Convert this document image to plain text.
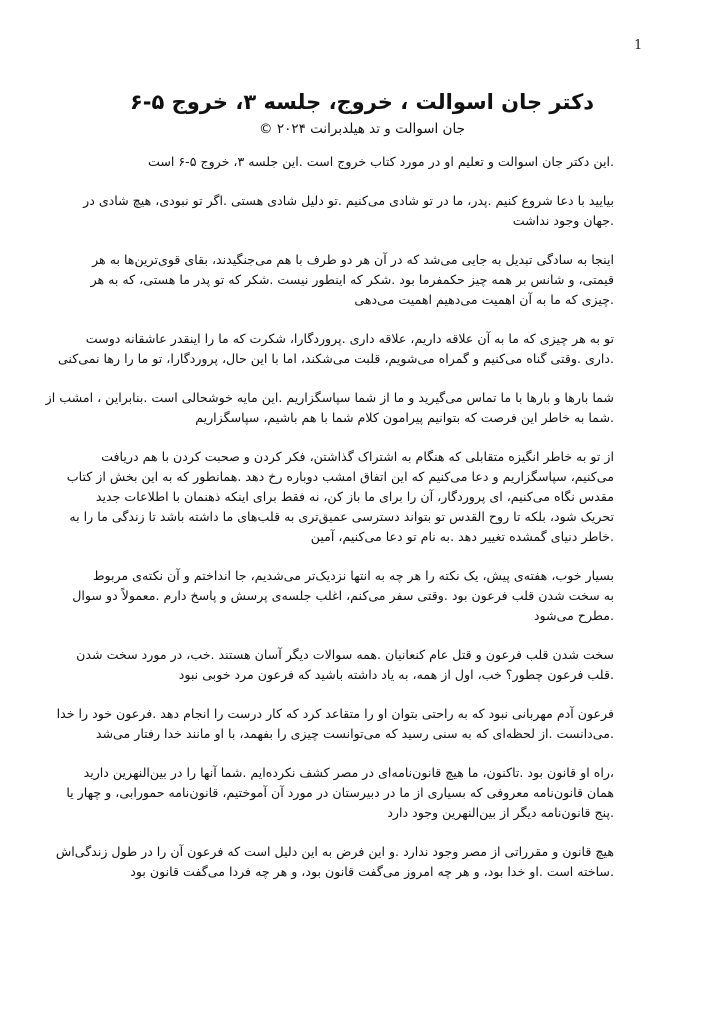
1
دکتر جان اسوالت ، خروج، جلسه ۳، خروج ۵-۶
جان اسوالت و تد هیلدبرانت ۲۰۲۴ ©

.این دکتر جان اسوالت و تعلیم او در مورد کتاب خروج است .این جلسه ۳، خروج ۵-۶ است

بیایید با دعا شروع کنیم .پدر، ما در تو شادی می‌کنیم .تو دلیل شادی هستی .اگر تو نبودی، هیچ شادی در
.جهان وجود نداشت

اینجا به سادگی تبدیل به جایی می‌شد که در آن هر دو طرف با هم می‌جنگیدند، بقای قوی‌ترین‌ها به هر
قیمتی، و شانس بر همه چیز حکمفرما بود .شکر که اینطور نیست .شکر که تو پدر ما هستی، که به هر
.چیزی که ما به آن اهمیت می‌دهیم اهمیت می‌دهی

تو به هر چیزی که ما به آن علاقه داریم، علاقه داری .پروردگارا، شکرت که ما را اینقدر عاشقانه دوست
.داری .وقتی گناه می‌کنیم و گمراه می‌شویم، قلبت می‌شکند، اما با این حال، پروردگارا، تو ما را رها نمی‌کنی

شما بارها و بارها با ما تماس می‌گیرید و ما از شما سپاسگزاریم .این مایه خوشحالی است .بنابراین ، امشب از
.شما به خاطر این فرصت که بتوانیم پیرامون کلام شما با هم باشیم، سپاسگزاریم

از تو به خاطر انگیزه متقابلی که هنگام به اشتراک گذاشتن، فکر کردن و صحبت کردن با هم دریافت
می‌کنیم، سپاسگزاریم و دعا می‌کنیم که این اتفاق امشب دوباره رخ دهد .همانطور که به این بخش از کتاب
مقدس نگاه می‌کنیم، ای پروردگار، آن را برای ما باز کن، نه فقط برای اینکه ذهنمان با اطلاعات جدید
تحریک شود، بلکه تا روح القدس تو بتواند دسترسی عمیق‌تری به قلب‌های ما داشته باشد تا زندگی ما را به
.خاطر دنیای گمشده تغییر دهد .به نام تو دعا می‌کنیم، آمین

بسیار خوب، هفته‌ی پیش، یک نکته را هر چه به انتها نزدیک‌تر می‌شدیم، جا انداختم و آن نکته‌ی مربوط
به سخت شدن قلب فرعون بود .وقتی سفر می‌کنم، اغلب جلسه‌ی پرسش و پاسخ دارم .معمولاً دو سوال
.مطرح می‌شود

سخت شدن قلب فرعون و قتل عام کنعانیان .همه سوالات دیگر آسان هستند .خب، در مورد سخت شدن
.قلب فرعون چطور؟ خب، اول از همه، به یاد داشته باشید که فرعون مرد خوبی نبود

فرعون آدم مهربانی نبود که به راحتی بتوان او را متقاعد کرد که کار درست را انجام دهد .فرعون خود را خدا
.می‌دانست .از لحظه‌ای که به سنی رسید که می‌توانست چیزی را بفهمد، با او مانند خدا رفتار می‌شد

،راه او قانون بود .تاکنون، ما هیچ قانون‌نامه‌ای در مصر کشف نکرده‌ایم .شما آنها را در بین‌النهرین دارید
همان قانون‌نامه معروفی که بسیاری از ما در دبیرستان در مورد آن آموختیم، قانون‌نامه حمورابی، و چهار یا
.پنج قانون‌نامه دیگر از بین‌النهرین وجود دارد

هیچ قانون و مقرراتی از مصر وجود ندارد .و این فرض به این دلیل است که فرعون آن را در طول زندگی‌اش
.ساخته است .او خدا بود، و هر چه امروز می‌گفت قانون بود، و هر چه فردا می‌گفت قانون بود
